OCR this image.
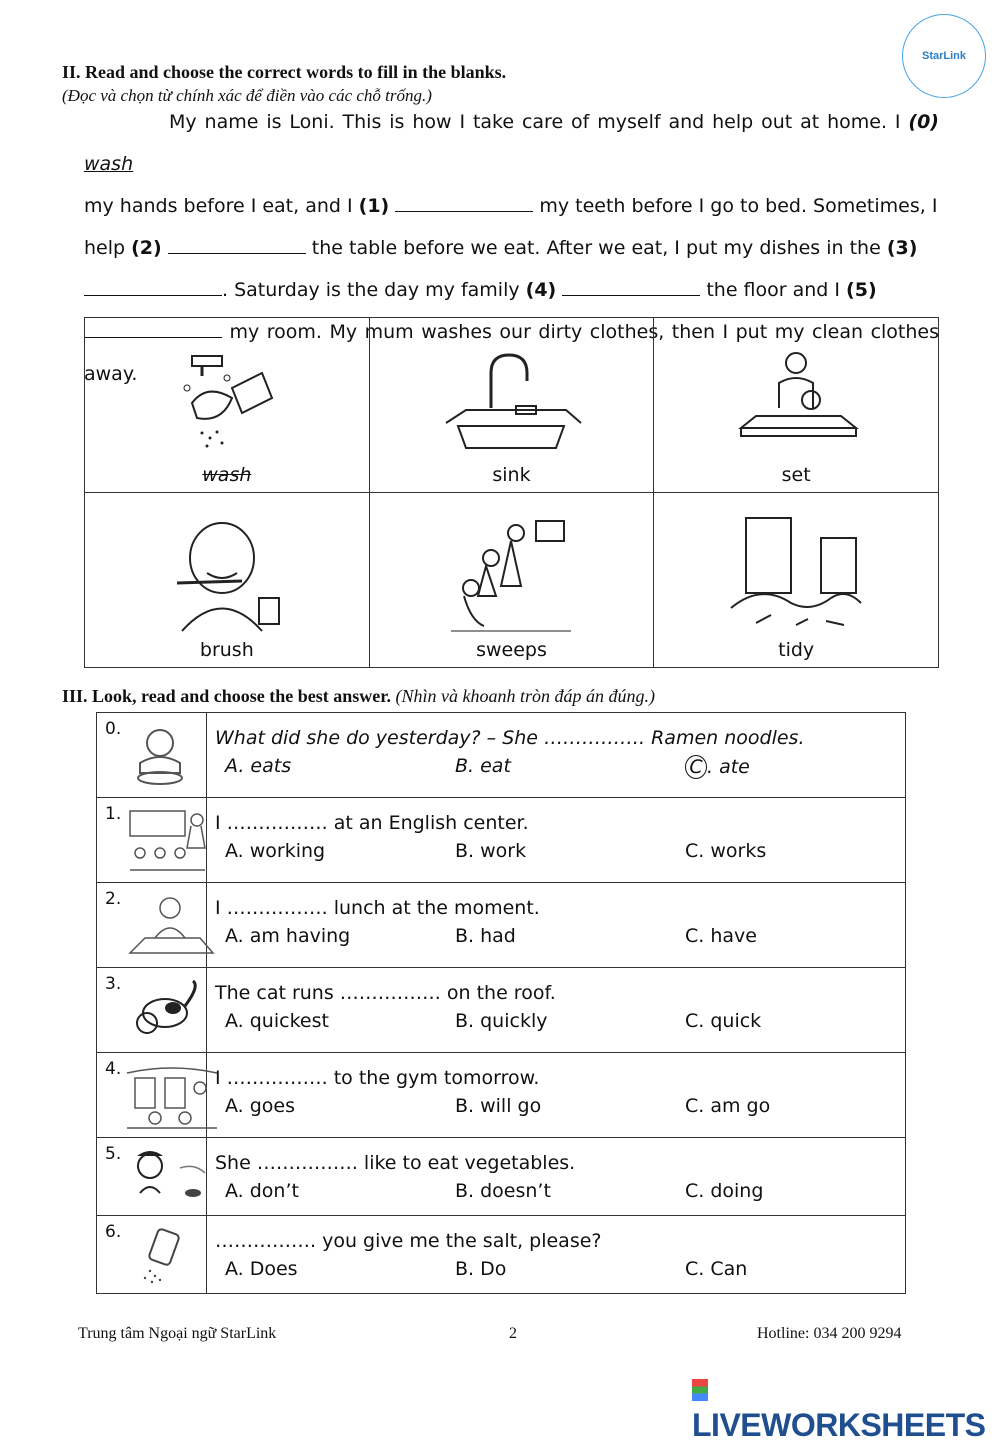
StarLink
II. Read and choose the correct words to fill in the blanks.
(Đọc và chọn từ chính xác để điền vào các chỗ trống.)

My name is Loni. This is how I take care of myself and help out at home. I (0) wash

my hands before I eat, and I (1)	my teeth before I go to bed. Sometimes, I

help (2)	the table before we eat. After we eat, I put my dishes in the (3)

. Saturday is the day my family (4)	the floor and I (5)

my room. My mum washes our dirty clothes, then I put my clean clothes away.

wash	sink	set

brush	sweeps	tidy
III. Look, read and choose the best answer. (Nhìn và khoanh tròn đáp án đúng.)
0.	What did she do yesterday? – She ……………. Ramen noodles.
A. eats B. eat C . ate

1.	I ……………. at an English center.
A. working B. work C. works

2.	I ……………. lunch at the moment.
A. am having B. had C. have

3.	The cat runs ……………. on the roof.
A. quickest B. quickly C. quick

4.	I ……………. to the gym tomorrow.
A. goes B. will go C. am go

5.	She ……………. like to eat vegetables.
A. don’t B. doesn’t C. doing

6.	……………. you give me the salt, please?
A. Does B. Do C. Can
Trung tâm Ngoại ngữ StarLink	2	Hotline: 034 200 9294
LIVEWORKSHEETS
